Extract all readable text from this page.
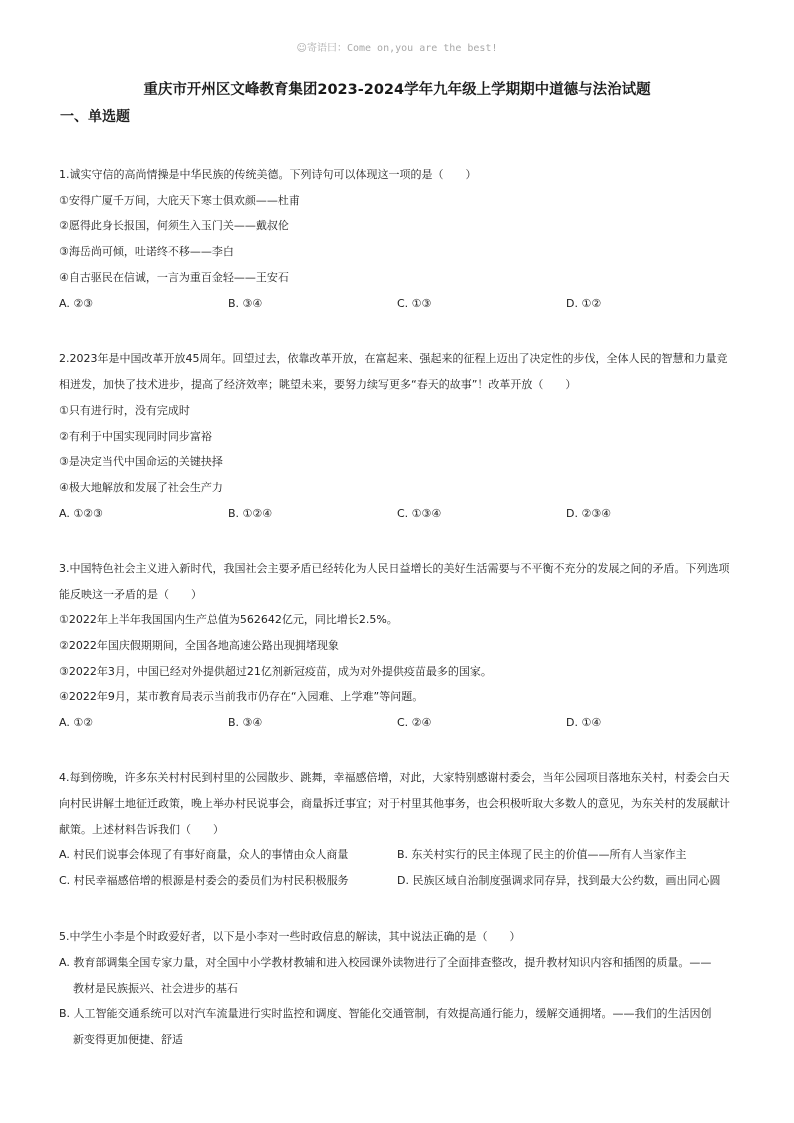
☺寄语曰：Come on,you are the best!
重庆市开州区文峰教育集团2023-2024学年九年级上学期期中道德与法治试题
一、单选题
1.诚实守信的高尚情操是中华民族的传统美德。下列诗句可以体现这一项的是（　　）
①安得广厦千万间，大庇天下寒士俱欢颜——杜甫
②愿得此身长报国，何须生入玉门关——戴叔伦
③海岳尚可倾，吐诺终不移——李白
④自古驱民在信诚，一言为重百金轻——王安石
A. ②③	B. ③④	C. ①③	D. ①②
2.2023年是中国改革开放45周年。回望过去，依靠改革开放，在富起来、强起来的征程上迈出了决定性的步伐，全体人民的智慧和力量竞
相迸发，加快了技术进步，提高了经济效率；眺望未来，要努力续写更多“春天的故事”！改革开放（　　）
①只有进行时，没有完成时
②有利于中国实现同时同步富裕
③是决定当代中国命运的关键抉择
④极大地解放和发展了社会生产力
A. ①②③	B. ①②④	C. ①③④	D. ②③④
3.中国特色社会主义进入新时代，我国社会主要矛盾已经转化为人民日益增长的美好生活需要与不平衡不充分的发展之间的矛盾。下列选项
能反映这一矛盾的是（　　）
①2022年上半年我国国内生产总值为562642亿元，同比增长2.5%。
②2022年国庆假期期间，全国各地高速公路出现拥堵现象
③2022年3月，中国已经对外提供超过21亿剂新冠疫苗，成为对外提供疫苗最多的国家。
④2022年9月，某市教育局表示当前我市仍存在“入园难、上学难”等问题。
A. ①②	B. ③④	C. ②④	D. ①④
4.每到傍晚，许多东关村村民到村里的公园散步、跳舞，幸福感倍增，对此，大家特别感谢村委会，当年公园项目落地东关村，村委会白天
向村民讲解土地征迁政策，晚上举办村民说事会，商量拆迁事宜；对于村里其他事务，也会积极听取大多数人的意见，为东关村的发展献计
献策。上述材料告诉我们（　　）
A. 村民们说事会体现了有事好商量，众人的事情由众人商量	B. 东关村实行的民主体现了民主的价值——所有人当家作主
C. 村民幸福感倍增的根源是村委会的委员们为村民积极服务	D. 民族区域自治制度强调求同存异，找到最大公约数，画出同心圆
5.中学生小李是个时政爱好者，以下是小李对一些时政信息的解读，其中说法正确的是（　　）
A. 教育部调集全国专家力量，对全国中小学教材教辅和进入校园课外读物进行了全面排查整改，提升教材知识内容和插图的质量。——
教材是民族振兴、社会进步的基石
B. 人工智能交通系统可以对汽车流量进行实时监控和调度、智能化交通管制，有效提高通行能力，缓解交通拥堵。——我们的生活因创
新变得更加便捷、舒适
